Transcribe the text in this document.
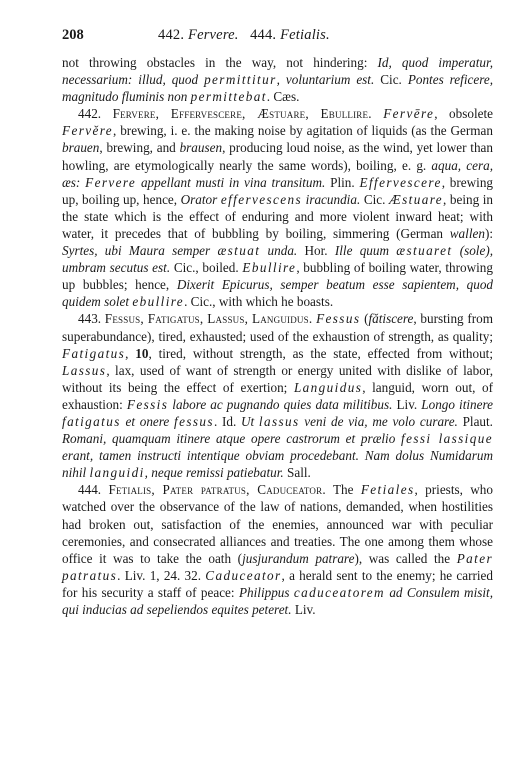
208	442. Fervere. 444. Fetialis.

not throwing obstacles in the way, not hindering: Id, quod imperatur, necessarium: illud, quod permittitur, voluntarium est. Cic. Pontes reficere, magnitudo fluminis non permittebat. Cæs.

442. Fervere, Effervescere, Æstuare, Ebullire. Fervēre, obsolete Fervĕre, brewing, i. e. the making noise by agitation of liquids (as the German brauen, brewing, and brausen, producing loud noise, as the wind, yet lower than howling, are etymologically nearly the same words), boiling, e. g. aqua, cera, æs: Fervere appellant musti in vina transitum. Plin. Effervescere, brewing up, boiling up, hence, Orator effervescens iracundia. Cic. Æstuare, being in the state which is the effect of enduring and more violent inward heat; with water, it precedes that of bubbling by boiling, simmering (German wallen): Syrtes, ubi Maura semper æstuat unda. Hor. Ille quum æstuaret (sole), umbram secutus est. Cic., boiled. Ebullire, bubbling of boiling water, throwing up bubbles; hence, Dixerit Epicurus, semper beatum esse sapientem, quod quidem solet ebullire. Cic., with which he boasts.

443. Fessus, Fatigatus, Lassus, Languidus. Fessus (fătiscere, bursting from superabundance), tired, exhausted; used of the exhaustion of strength, as quality; Fatigatus, 10, tired, without strength, as the state, effected from without; Lassus, lax, used of want of strength or energy united with dislike of labor, without its being the effect of exertion; Languidus, languid, worn out, of exhaustion: Fessis labore ac pugnando quies data militibus. Liv. Longo itinere fatigatus et onere fessus. Id. Ut lassus veni de via, me volo curare. Plaut. Romani, quamquam itinere atque opere castrorum et prælio fessi lassique erant, tamen instructi intentique obviam procedebant. Nam dolus Numidarum nihil languidi, neque remissi patiebatur. Sall.

444. Fetialis, Pater patratus, Caduceator. The Fetiales, priests, who watched over the observance of the law of nations, demanded, when hostilities had broken out, satisfaction of the enemies, announced war with peculiar ceremonies, and consecrated alliances and treaties. The one among them whose office it was to take the oath (jusjurandum patrare), was called the Pater patratus. Liv. 1, 24. 32. Caduceator, a herald sent to the enemy; he carried for his security a staff of peace: Philippus caduceatorem ad Consulem misit, qui inducias ad sepeliendos equites peteret. Liv.
